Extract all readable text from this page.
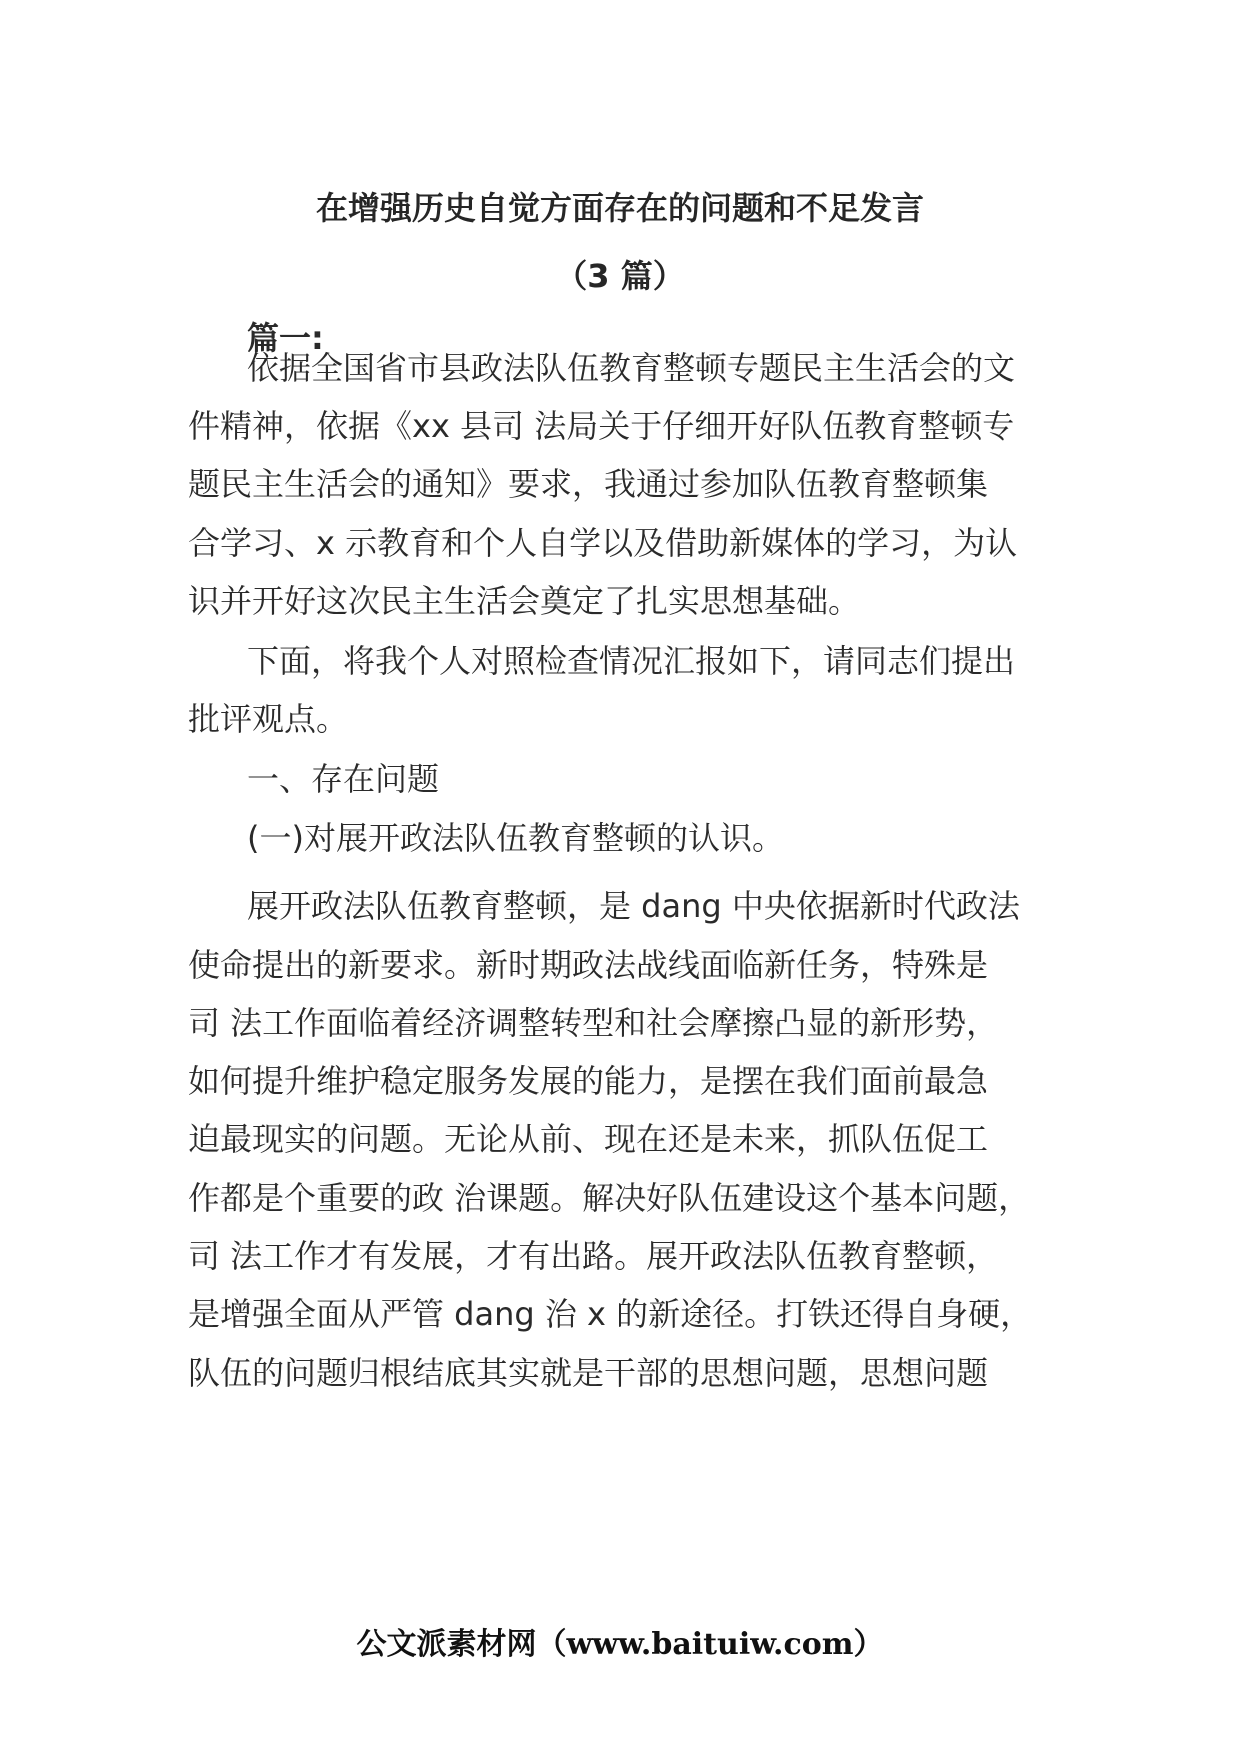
在增强历史自觉方面存在的问题和不足发言
（3 篇）
篇一:
依据全国省市县政法队伍教育整顿专题民主生活会的文
件精神，依据《xx 县司 法局关于仔细开好队伍教育整顿专
题民主生活会的通知》要求，我通过参加队伍教育整顿集
合学习、x 示教育和个人自学以及借助新媒体的学习，为认
识并开好这次民主生活会奠定了扎实思想基础。
下面，将我个人对照检查情况汇报如下，请同志们提出
批评观点。
一、存在问题
(一)对展开政法队伍教育整顿的认识。
展开政法队伍教育整顿，是 dang 中央依据新时代政法
使命提出的新要求。新时期政法战线面临新任务，特殊是
司 法工作面临着经济调整转型和社会摩擦凸显的新形势，
如何提升维护稳定服务发展的能力，是摆在我们面前最急
迫最现实的问题。无论从前、现在还是未来，抓队伍促工
作都是个重要的政 治课题。解决好队伍建设这个基本问题，
司 法工作才有发展，才有出路。展开政法队伍教育整顿，
是增强全面从严管 dang 治 x 的新途径。打铁还得自身硬，
队伍的问题归根结底其实就是干部的思想问题，思想问题
公文派素材网（www.baituiw.com）
